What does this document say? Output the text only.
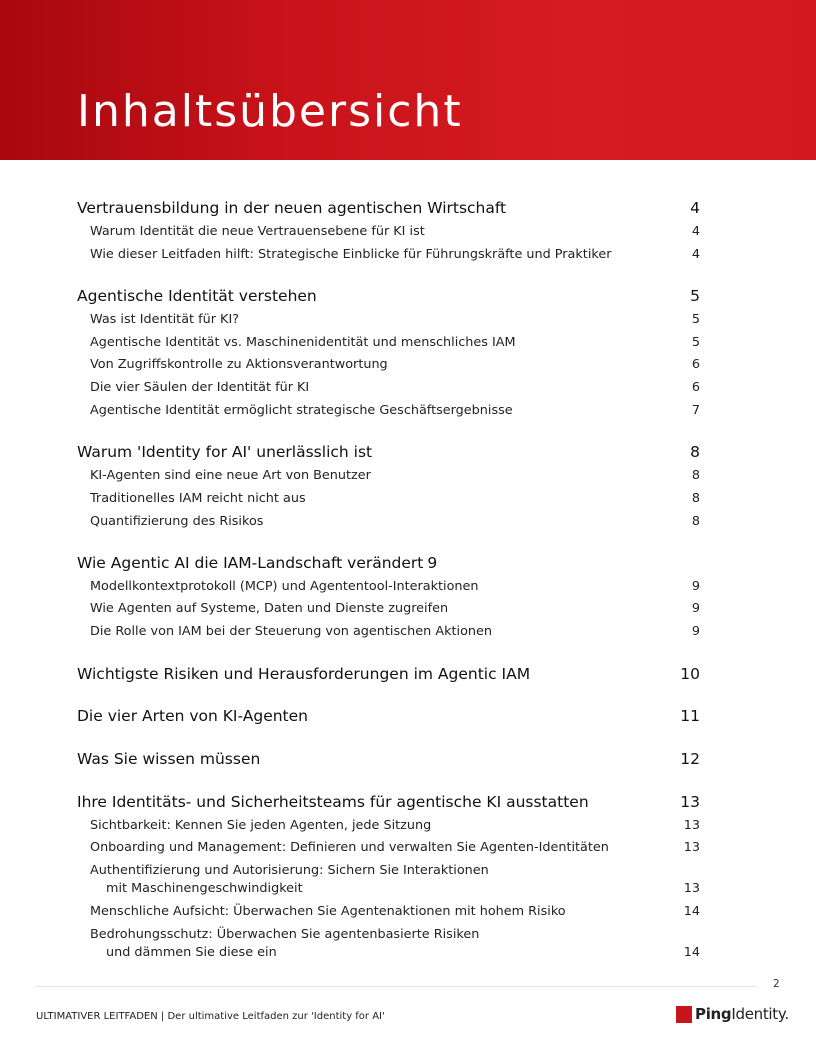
Inhaltsübersicht
Vertrauensbildung in der neuen agentischen Wirtschaft	4
Warum Identität die neue Vertrauensebene für KI ist	4
Wie dieser Leitfaden hilft: Strategische Einblicke für Führungskräfte und Praktiker	4
Agentische Identität verstehen	5
Was ist Identität für KI?	5
Agentische Identität vs. Maschinenidentität und menschliches IAM	5
Von Zugriffskontrolle zu Aktionsverantwortung	6
Die vier Säulen der Identität für KI	6
Agentische Identität ermöglicht strategische Geschäftsergebnisse	7
Warum 'Identity for AI' unerlässlich ist	8
KI-Agenten sind eine neue Art von Benutzer	8
Traditionelles IAM reicht nicht aus	8
Quantifizierung des Risikos	8
Wie Agentic AI die IAM-Landschaft verändert 9
Modellkontextprotokoll (MCP) und Agententool-Interaktionen	9
Wie Agenten auf Systeme, Daten und Dienste zugreifen	9
Die Rolle von IAM bei der Steuerung von agentischen Aktionen	9
Wichtigste Risiken und Herausforderungen im Agentic IAM	10
Die vier Arten von KI-Agenten	11
Was Sie wissen müssen	12
Ihre Identitäts- und Sicherheitsteams für agentische KI ausstatten	13
Sichtbarkeit: Kennen Sie jeden Agenten, jede Sitzung	13
Onboarding und Management: Definieren und verwalten Sie Agenten-Identitäten	13
Authentifizierung und Autorisierung: Sichern Sie Interaktionen
mit Maschinengeschwindigkeit	13
Menschliche Aufsicht: Überwachen Sie Agentenaktionen mit hohem Risiko	14
Bedrohungsschutz: Überwachen Sie agentenbasierte Risiken
und dämmen Sie diese ein	14
2
ULTIMATIVER LEITFADEN | Der ultimative Leitfaden zur 'Identity for AI'	PingIdentity.
